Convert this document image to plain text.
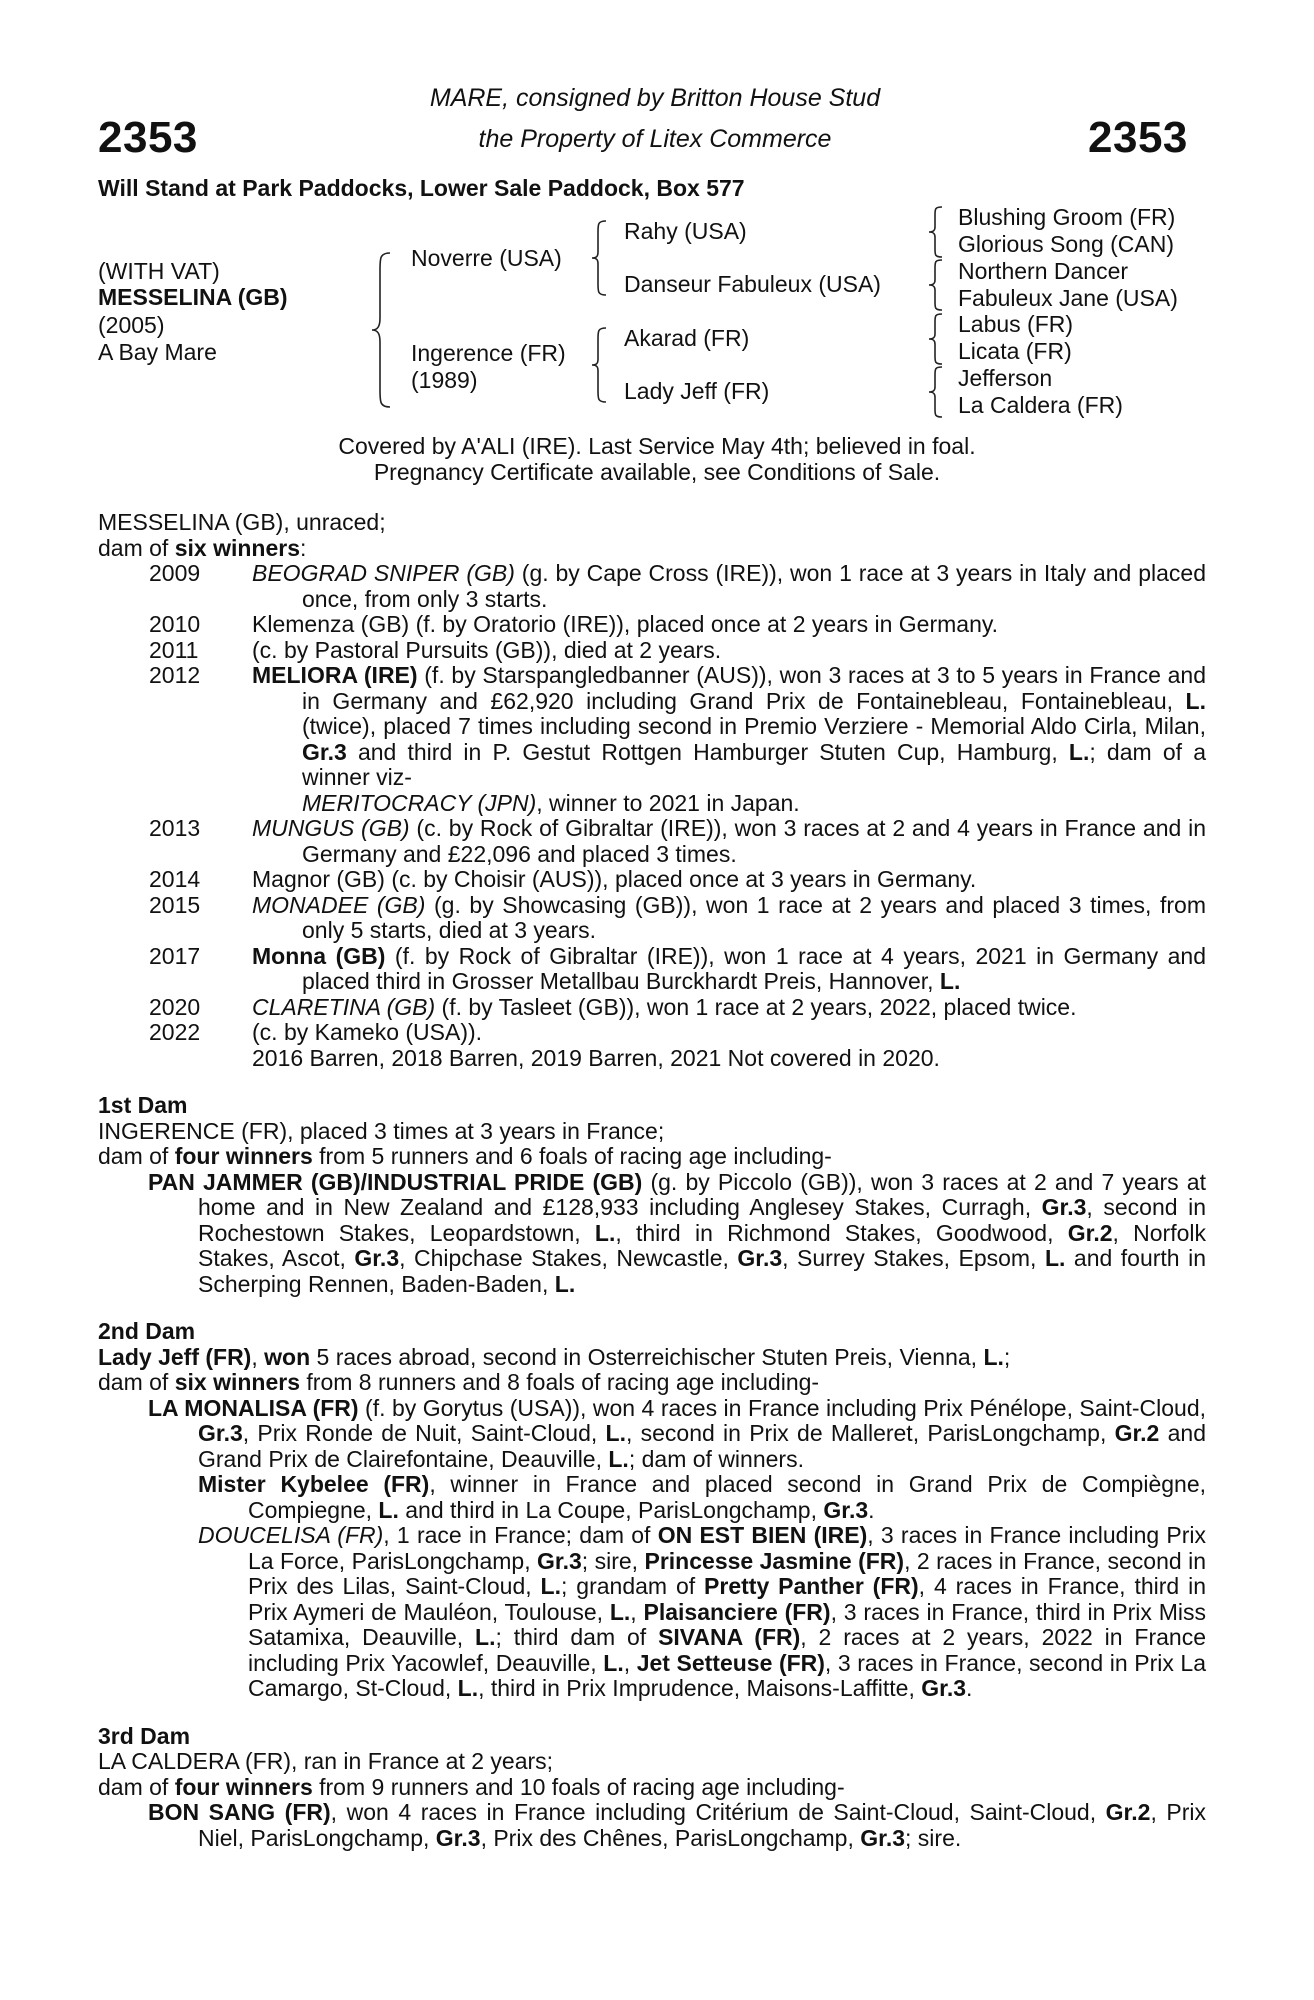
2353	2353
MARE, consigned by Britton House Stud
the Property of Litex Commerce
Will Stand at Park Paddocks, Lower Sale Paddock, Box 577
(WITH VAT)
MESSELINA (GB)
(2005)
A Bay Mare
Noverre (USA)
Ingerence (FR)
(1989)
Rahy (USA)
Danseur Fabuleux (USA)
Akarad (FR)
Lady Jeff (FR)
Blushing Groom (FR)
Glorious Song (CAN)
Northern Dancer
Fabuleux Jane (USA)
Labus (FR)
Licata (FR)
Jefferson
La Caldera (FR)
Covered by A'ALI (IRE). Last Service May 4th; believed in foal.
Pregnancy Certificate available, see Conditions of Sale.

MESSELINA (GB), unraced;

dam of six winners:

2009	BEOGRAD SNIPER (GB) (g. by Cape Cross (IRE)), won 1 race at 3 years in Italy and placed once, from only 3 starts.

2010	Klemenza (GB) (f. by Oratorio (IRE)), placed once at 2 years in Germany.

2011	(c. by Pastoral Pursuits (GB)), died at 2 years.

2012	MELIORA (IRE) (f. by Starspangledbanner (AUS)), won 3 races at 3 to 5 years in France and in Germany and £62,920 including Grand Prix de Fontainebleau, Fontainebleau, L. (twice), placed 7 times including second in Premio Verziere - Memorial Aldo Cirla, Milan, Gr.3 and third in P. Gestut Rottgen Hamburger Stuten Cup, Hamburg, L.; dam of a winner viz-

MERITOCRACY (JPN), winner to 2021 in Japan.

2013	MUNGUS (GB) (c. by Rock of Gibraltar (IRE)), won 3 races at 2 and 4 years in France and in Germany and £22,096 and placed 3 times.

2014	Magnor (GB) (c. by Choisir (AUS)), placed once at 3 years in Germany.

2015	MONADEE (GB) (g. by Showcasing (GB)), won 1 race at 2 years and placed 3 times, from only 5 starts, died at 3 years.

2017	Monna (GB) (f. by Rock of Gibraltar (IRE)), won 1 race at 4 years, 2021 in Germany and placed third in Grosser Metallbau Burckhardt Preis, Hannover, L.

2020	CLARETINA (GB) (f. by Tasleet (GB)), won 1 race at 2 years, 2022, placed twice.

2022	(c. by Kameko (USA)).

2016 Barren, 2018 Barren, 2019 Barren, 2021 Not covered in 2020.

1st Dam

INGERENCE (FR), placed 3 times at 3 years in France;

dam of four winners from 5 runners and 6 foals of racing age including-

PAN JAMMER (GB)/INDUSTRIAL PRIDE (GB) (g. by Piccolo (GB)), won 3 races at 2 and 7 years at home and in New Zealand and £128,933 including Anglesey Stakes, Curragh, Gr.3, second in Rochestown Stakes, Leopardstown, L., third in Richmond Stakes, Goodwood, Gr.2, Norfolk Stakes, Ascot, Gr.3, Chipchase Stakes, Newcastle, Gr.3, Surrey Stakes, Epsom, L. and fourth in Scherping Rennen, Baden-Baden, L.

2nd Dam

Lady Jeff (FR), won 5 races abroad, second in Osterreichischer Stuten Preis, Vienna, L.;

dam of six winners from 8 runners and 8 foals of racing age including-

LA MONALISA (FR) (f. by Gorytus (USA)), won 4 races in France including Prix Pénélope, Saint-Cloud, Gr.3, Prix Ronde de Nuit, Saint-Cloud, L., second in Prix de Malleret, ParisLongchamp, Gr.2 and Grand Prix de Clairefontaine, Deauville, L.; dam of winners.

Mister Kybelee (FR), winner in France and placed second in Grand Prix de Compiègne, Compiegne, L. and third in La Coupe, ParisLongchamp, Gr.3.

DOUCELISA (FR), 1 race in France; dam of ON EST BIEN (IRE), 3 races in France including Prix La Force, ParisLongchamp, Gr.3; sire, Princesse Jasmine (FR), 2 races in France, second in Prix des Lilas, Saint-Cloud, L.; grandam of Pretty Panther (FR), 4 races in France, third in Prix Aymeri de Mauléon, Toulouse, L., Plaisanciere (FR), 3 races in France, third in Prix Miss Satamixa, Deauville, L.; third dam of SIVANA (FR), 2 races at 2 years, 2022 in France including Prix Yacowlef, Deauville, L., Jet Setteuse (FR), 3 races in France, second in Prix La Camargo, St-Cloud, L., third in Prix Imprudence, Maisons-Laffitte, Gr.3.

3rd Dam

LA CALDERA (FR), ran in France at 2 years;

dam of four winners from 9 runners and 10 foals of racing age including-

BON SANG (FR), won 4 races in France including Critérium de Saint-Cloud, Saint-Cloud, Gr.2, Prix Niel, ParisLongchamp, Gr.3, Prix des Chênes, ParisLongchamp, Gr.3; sire.
